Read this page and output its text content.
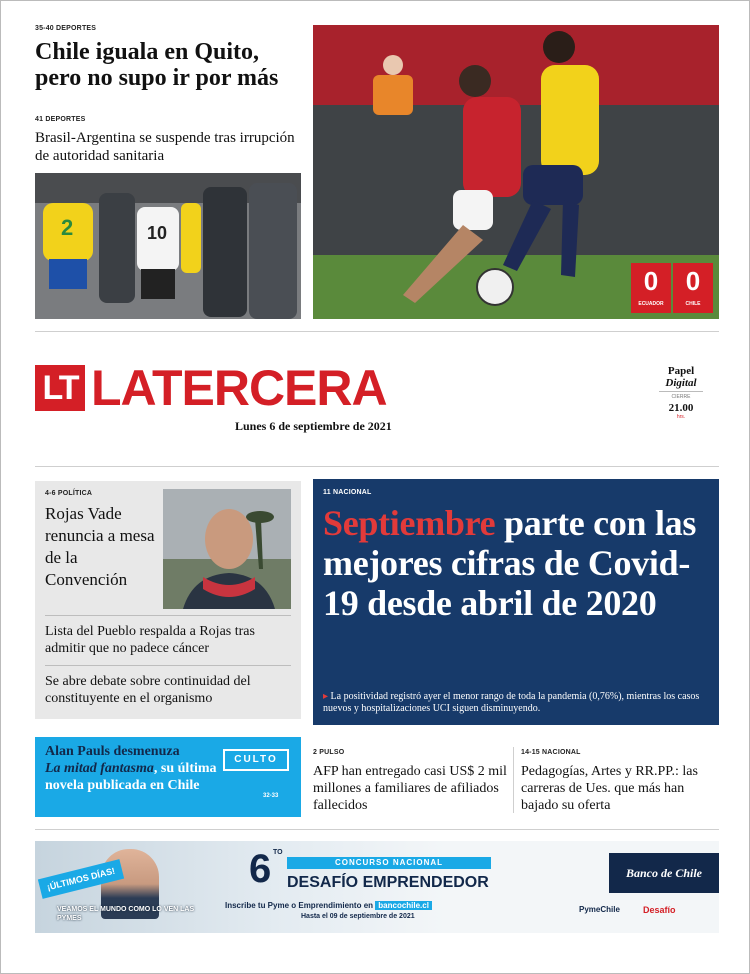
35-40 DEPORTES
Chile iguala en Quito, pero no supo ir por más
41 DEPORTES
Brasil-Argentina se suspende tras irrupción de autoridad sanitaria
2	10
0
ECUADOR
0
CHILE
LT LATERCERA
Lunes 6 de septiembre de 2021
Papel
Digital
CIERRE
21.00
hrs.
4-6 POLÍTICA
Rojas Vade renuncia a mesa de la Convención
Lista del Pueblo respalda a Rojas tras admitir que no padece cáncer
Se abre debate sobre continuidad del constituyente en el organismo
11 NACIONAL
Septiembre parte con las mejores cifras de Covid-19 desde abril de 2020
▸ La positividad registró ayer el menor rango de toda la pandemia (0,76%), mientras los casos nuevos y hospitalizaciones UCI siguen disminuyendo.
Alan Pauls desmenuza
La mitad fantasma, su última novela publicada en Chile
CULTO
32-33
2 PULSO
AFP han entregado casi US$ 2 mil millones a familiares de afiliados fallecidos
14-15 NACIONAL
Pedagogías, Artes y RR.PP.: las carreras de Ues. que más han bajado su oferta
¡ÚLTIMOS DÍAS!
VEAMOS EL MUNDO COMO LO VEN LAS PYMES
6 TO
CONCURSO NACIONAL
DESAFÍO EMPRENDEDOR
Inscribe tu Pyme o Emprendimiento en bancochile.cl
Hasta el 09 de septiembre de 2021
Banco de Chile
PymeChile	Desafío
